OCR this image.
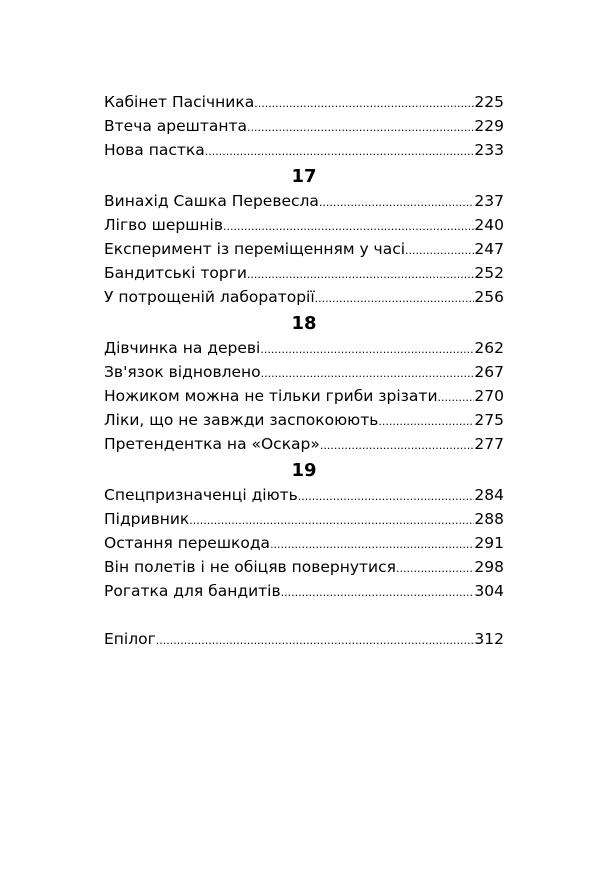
Кабінет Пасічника .....	225
Втеча арештанта .....	229
Нова пастка .....	233
17
Винахід Сашка Перевесла .....	237
Лігво шершнів .....	240
Експеримент із переміщенням у часі .....	247
Бандитські торги .....	252
У потрощеній лабораторії .....	256
18
Дівчинка на дереві .....	262
Зв'язок відновлено .....	267
Ножиком можна не тільки гриби зрізати ..... 270
Ліки, що не завжди заспокоюють .....	275
Претендентка на «Оскар» .....	277
19
Спецпризначенці діють .....	284
Підривник .....	288
Остання перешкода .....	291
Він полетів і не обіцяв повернутися .....	298
Рогатка для бандитів .....	304
Епілог .....	312
